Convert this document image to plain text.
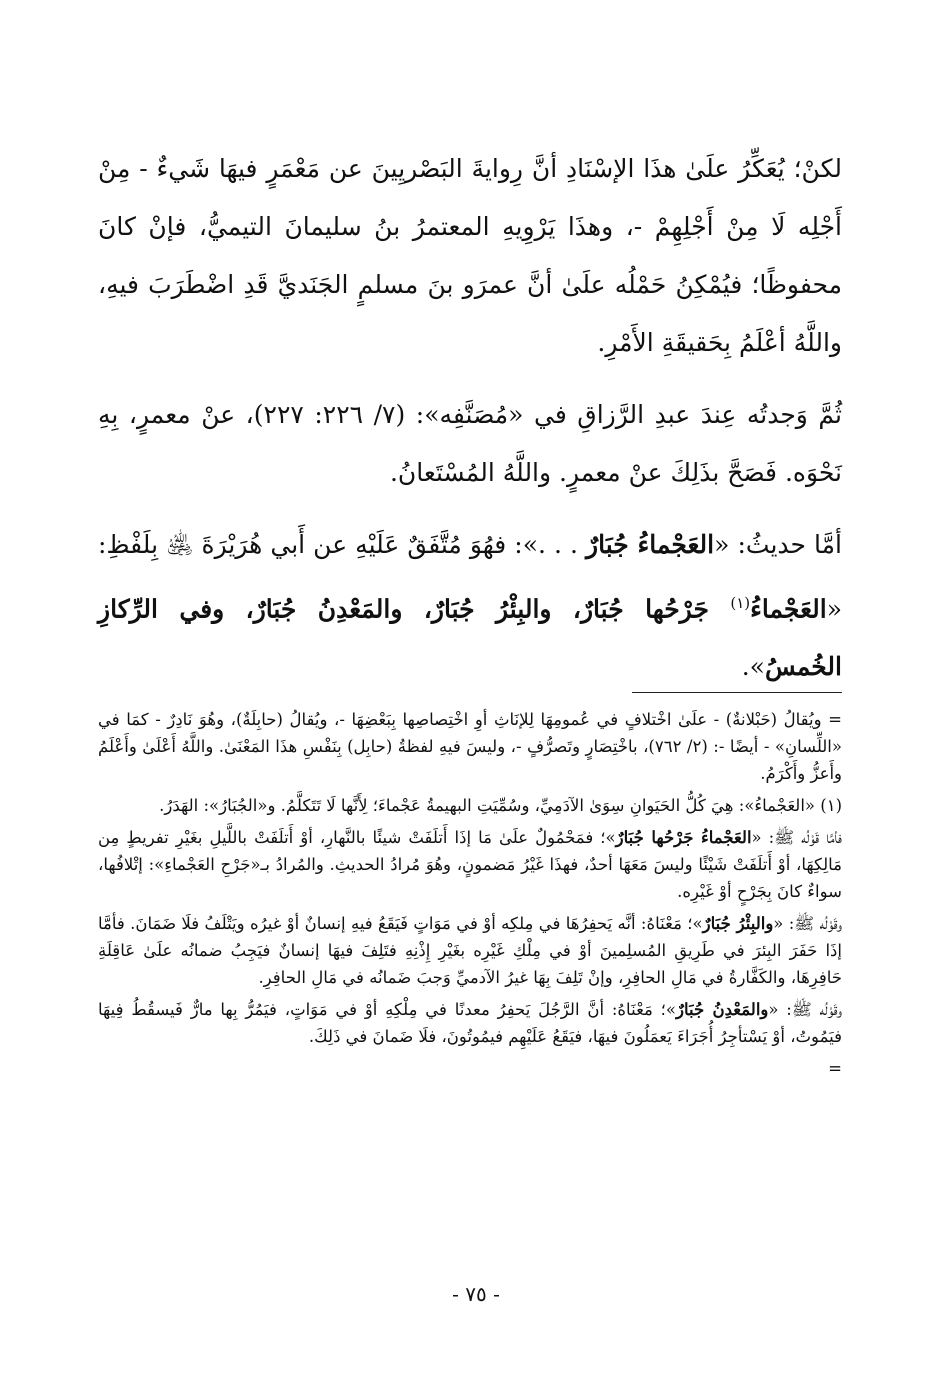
لكنْ؛ يُعَكِّرُ علَىٰ هذَا الإسْنَادِ أنَّ رِوايةَ البَصْريِينَ عن مَعْمَرٍ فيهَا شَيءٌ - مِنْ أَجْلِه لَا مِنْ أَجْلِهِمْ -، وهذَا يَرْوِيهِ المعتمرُ بنُ سليمانَ التيميُّ، فإنْ كانَ محفوظًا؛ فيُمْكِنُ حَمْلُه علَىٰ أنَّ عمرَو بنَ مسلمٍ الجَنَديَّ قَدِ اضْطَرَبَ فيهِ، واللَّهُ أعْلَمُ بِحَقيقَةِ الأَمْرِ.

ثُمَّ وَجدتُه عِندَ عبدِ الرَّزاقِ في «مُصَنَّفِه»: (٧/ ٢٢٦: ٢٢٧)، عنْ معمرٍ، بِهِ نَحْوَه. فَصَحَّ بذَلِكَ عنْ معمرٍ. واللَّهُ المُسْتَعانُ.

أمَّا حديثُ: «العَجْماءُ جُبَارٌ . . .»: فهُوَ مُتَّفَقٌ عَلَيْهِ عن أَبي هُرَيْرَةَ ﵁ بِلَفْظِ: «العَجْماءُ$^{(١)}$ جَرْحُها جُبَارٌ، والبِئْرُ جُبَارٌ، والمَعْدِنُ جُبَارٌ، وفي الرِّكازِ الخُمسُ».

= ويُقالُ (حَبْلانةٌ) - علَىٰ اخْتلافٍ في عُمومِهَا لِلإنَاثِ أوِ اخْتِصاصِها بِبَعْضِهَا -، ويُقالُ (حابِلَةٌ)، وهُوَ نَادِرٌ - كمَا في «اللِّسانِ» - أيضًا -: (٢/ ٧٦٢)، باخْتِصَارٍ وتَصرُّفٍ -، وليسَ فيهِ لفظةُ (حابِل) بِنَفْسِ هذَا المَعْنَىٰ. واللَّهُ أَعْلَىٰ وأَعْلَمُ وأَعزُّ وأَكْرَمُ.

(١) «العَجْماءُ»: هِيَ كُلُّ الحَيَوانِ سِوَىٰ الآدَمِيِّ، وسُمِّيَتِ البهيمةُ عَجْماءَ؛ لِأَنَّها لَا تَتَكلَّمُ. و«الجُبَارُ»: الهَدَرُ.

فأمَّا قَوْلُه ﷺ: «العَجْماءُ جَرْحُها جُبَارٌ»؛ فمَحْمُولٌ علَىٰ مَا إذَا أَتلَفَتْ شيئًا بالنَّهارِ، أوْ أَتلَفَتْ باللَّيلِ بغَيْرِ تفريطٍ مِن مَالِكِهَا، أوْ أَتلَفَتْ شَيْئًا وليسَ مَعَهَا أحدٌ، فهذَا غَيْرُ مَضمونٍ، وهُوَ مُرادُ الحديثِ. والمُرادُ بـ«جَرْحِ العَجْماءِ»: إتْلافُها، سواءٌ كانَ بِجَرْحٍ أوْ غَيْرِه.

وقَوْلُه ﷺ: «والبِئْرُ جُبَارٌ»؛ مَعْنَاهُ: أنَّه يَحفِرُهَا في مِلكِه أوْ في مَوَاتٍ فَيَقَعُ فيهِ إنسانٌ أوْ غيرُه ويَتْلَفُ فلَا ضَمَانَ. فأمَّا إذَا حَفَرَ البِئرَ في طَرِيقِ المُسلِمينَ أوْ في مِلْكِ غَيْرِه بغَيْرِ إِذْنِهِ فتَلِفَ فيهَا إنسانٌ فيَجِبُ ضمانُه علَىٰ عَاقِلَةِ حَافِرِهَا، والكَفَّارةُ في مَالِ الحافِرِ، وإنْ تَلِفَ بِهَا غيرُ الآدميِّ وَجبَ ضَمانُه في مَالِ الحافِرِ.

وقَوْلُه ﷺ: «والمَعْدِنُ جُبَارٌ»؛ مَعْنَاهُ: أنَّ الرَّجُلَ يَحفِرُ معدنًا في مِلْكِهِ أوْ في مَوَاتٍ، فيَمُرُّ بِها مارٌّ فَيسقُطُ فِيهَا فيَمُوتُ، أوْ يَسْتأجِرُ أُجَرَاءَ يَعمَلُونَ فيهَا، فيَقَعُ عَلَيْهِم فيمُوتُونَ، فلَا ضَمانَ في ذَلِكَ.

=

- ٧٥ -
